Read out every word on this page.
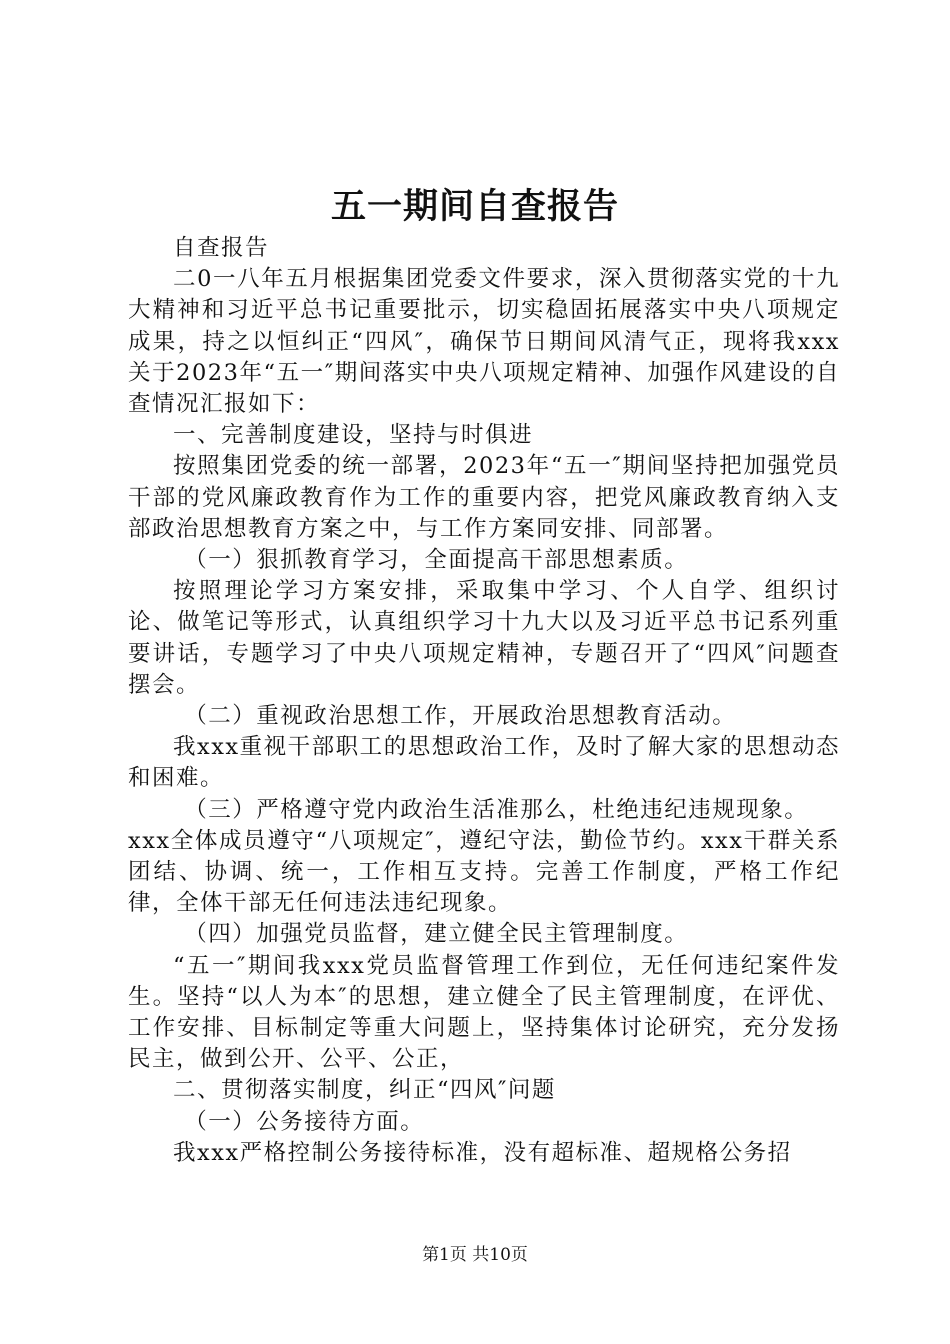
五一期间自查报告

自查报告

二0一八年五月根据集团党委文件要求，深入贯彻落实党的十九大精神和习近平总书记重要批示，切实稳固拓展落实中央八项规定成果，持之以恒纠正“四风″，确保节日期间风清气正，现将我xxx关于2023年“五一″期间落实中央八项规定精神、加强作风建设的自查情况汇报如下：

一、完善制度建设，坚持与时俱进

按照集团党委的统一部署，2023年“五一″期间坚持把加强党员干部的党风廉政教育作为工作的重要内容，把党风廉政教育纳入支部政治思想教育方案之中，与工作方案同安排、同部署。

（一）狠抓教育学习，全面提高干部思想素质。

按照理论学习方案安排，采取集中学习、个人自学、组织讨论、做笔记等形式，认真组织学习十九大以及习近平总书记系列重要讲话，专题学习了中央八项规定精神，专题召开了“四风″问题查摆会。

（二）重视政治思想工作，开展政治思想教育活动。

我xxx重视干部职工的思想政治工作，及时了解大家的思想动态和困难。

（三）严格遵守党内政治生活准那么，杜绝违纪违规现象。

xxx全体成员遵守“八项规定″，遵纪守法，勤俭节约。xxx干群关系团结、协调、统一，工作相互支持。完善工作制度，严格工作纪律，全体干部无任何违法违纪现象。

（四）加强党员监督，建立健全民主管理制度。

“五一″期间我xxx党员监督管理工作到位，无任何违纪案件发生。坚持“以人为本″的思想，建立健全了民主管理制度，在评优、工作安排、目标制定等重大问题上，坚持集体讨论研究，充分发扬民主，做到公开、公平、公正，

二、贯彻落实制度，纠正“四风″问题

（一）公务接待方面。

我xxx严格控制公务接待标准，没有超标准、超规格公务招

第1页 共10页
